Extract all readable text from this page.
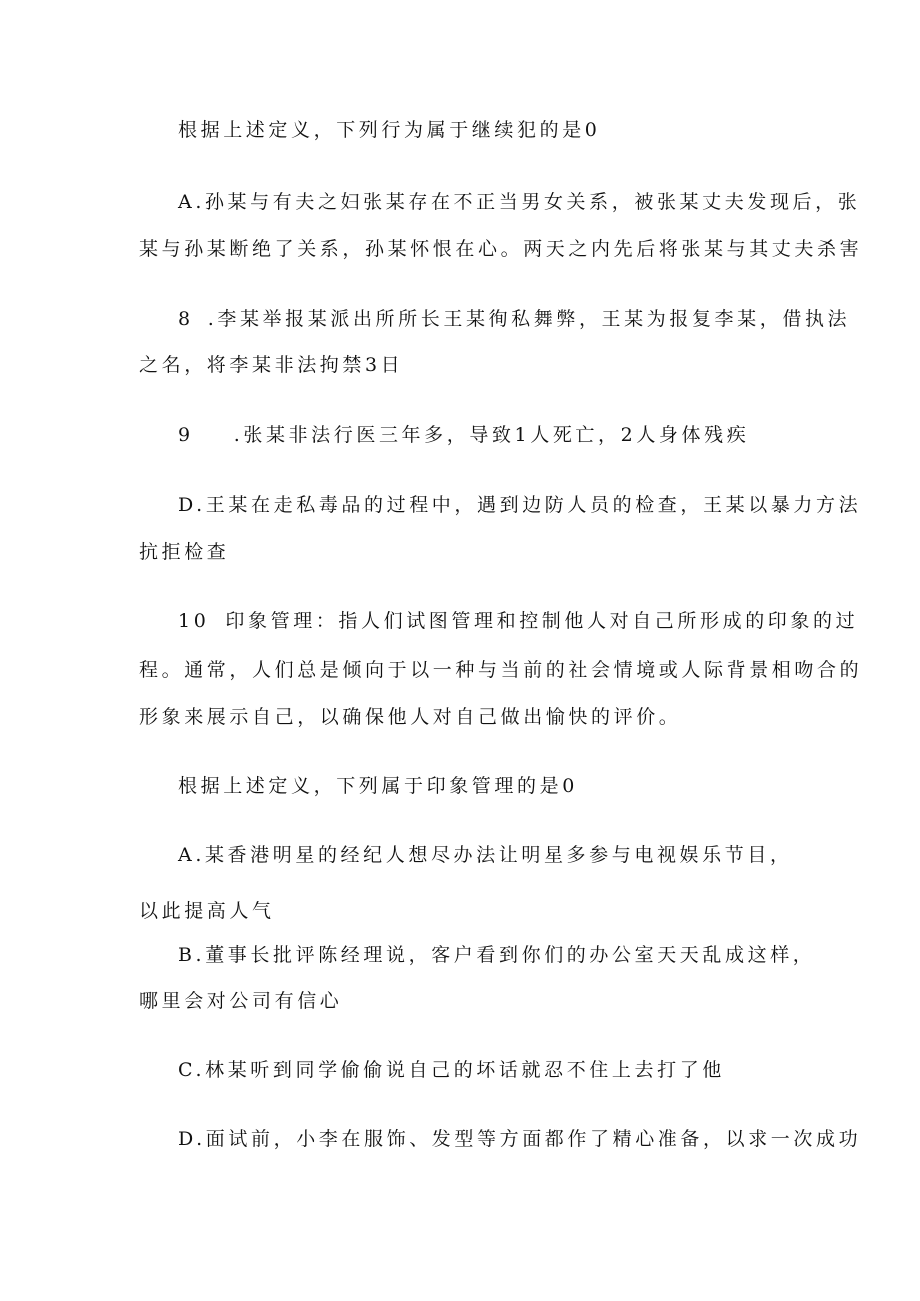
根据上述定义，下列行为属于继续犯的是0
A.孙某与有夫之妇张某存在不正当男女关系，被张某丈夫发现后，张
某与孙某断绝了关系，孙某怀恨在心。两天之内先后将张某与其丈夫杀害
8 .李某举报某派出所所长王某徇私舞弊，王某为报复李某，借执法
之名，将李某非法拘禁3日
9 .张某非法行医三年多，导致1人死亡，2人身体残疾
D.王某在走私毒品的过程中，遇到边防人员的检查，王某以暴力方法
抗拒检查
10 印象管理：指人们试图管理和控制他人对自己所形成的印象的过
程。通常，人们总是倾向于以一种与当前的社会情境或人际背景相吻合的
形象来展示自己，以确保他人对自己做出愉快的评价。
根据上述定义，下列属于印象管理的是0
A.某香港明星的经纪人想尽办法让明星多参与电视娱乐节目，
以此提高人气
B.董事长批评陈经理说，客户看到你们的办公室天天乱成这样，
哪里会对公司有信心
C.林某听到同学偷偷说自己的坏话就忍不住上去打了他
D.面试前，小李在服饰、发型等方面都作了精心准备，以求一次成功
